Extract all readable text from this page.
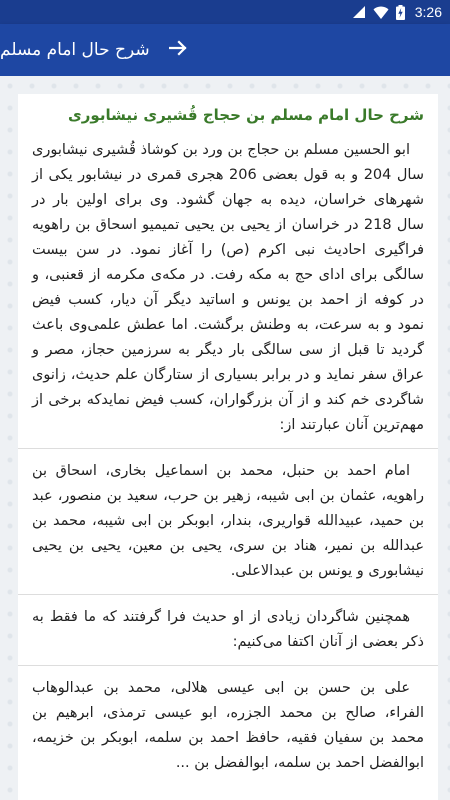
3:26
شرح حال امام مسلم
شرح حال امام مسلم بن حجاج قُشیری نیشابوری

ابو الحسین مسلم بن حجاج بن ورد بن کوشاذ قُشیری نیشابوری سال 204 و به قول بعضی 206 هجری قمری در نیشابور یکی از شهرهای خراسان، دیده به جهان گشود. وی برای اولین بار در سال 218 در خراسان از یحیی بن یحیی تمیمیو اسحاق بن راهویه فراگیری احادیث نبی اکرم (ص) را آغاز نمود. در سن بیست سالگی برای ادای حج به مکه رفت. در مکه‌ی مکرمه از قعنبی، و در کوفه از احمد بن یونس و اساتید دیگر آن دیار، کسب فیض نمود و به سرعت، به وطنش برگشت. اما عطش علمی‌وی باعث گردید تا قبل از سی سالگی بار دیگر به سرزمین حجاز، مصر و عراق سفر نماید و در برابر بسیاری از ستارگان علم حدیث، زانوی شاگردی خم کند و از آن بزرگواران، کسب فیض نمایدکه برخی از مهم‌ترین آنان عبارتند از:

امام احمد بن حنبل، محمد بن اسماعیل بخاری، اسحاق بن راهویه، عثمان بن ابی شیبه، زهیر بن حرب، سعید بن منصور، عبد بن حمید، عبیدالله قواریری، بندار، ابوبکر بن ابی شیبه، محمد بن عبدالله بن نمیر، هناد بن سری، یحیی بن معین، یحیی بن یحیی نیشابوری و یونس بن عبدالاعلی.

همچنین شاگردان زیادی از او حدیث فرا گرفتند که ما فقط به ذکر بعضی از آنان اکتفا می‌کنیم:

علی بن حسن بن ابی عیسی هلالی، محمد بن عبدالوهاب الفراء، صالح بن محمد الجزره، ابو عیسی ترمذی، ابرهیم بن محمد بن سفیان فقیه، حافظ احمد بن سلمه، ابوبکر بن خزیمه، ابوالفضل احمد بن سلمه، ابوالفضل بن ...
